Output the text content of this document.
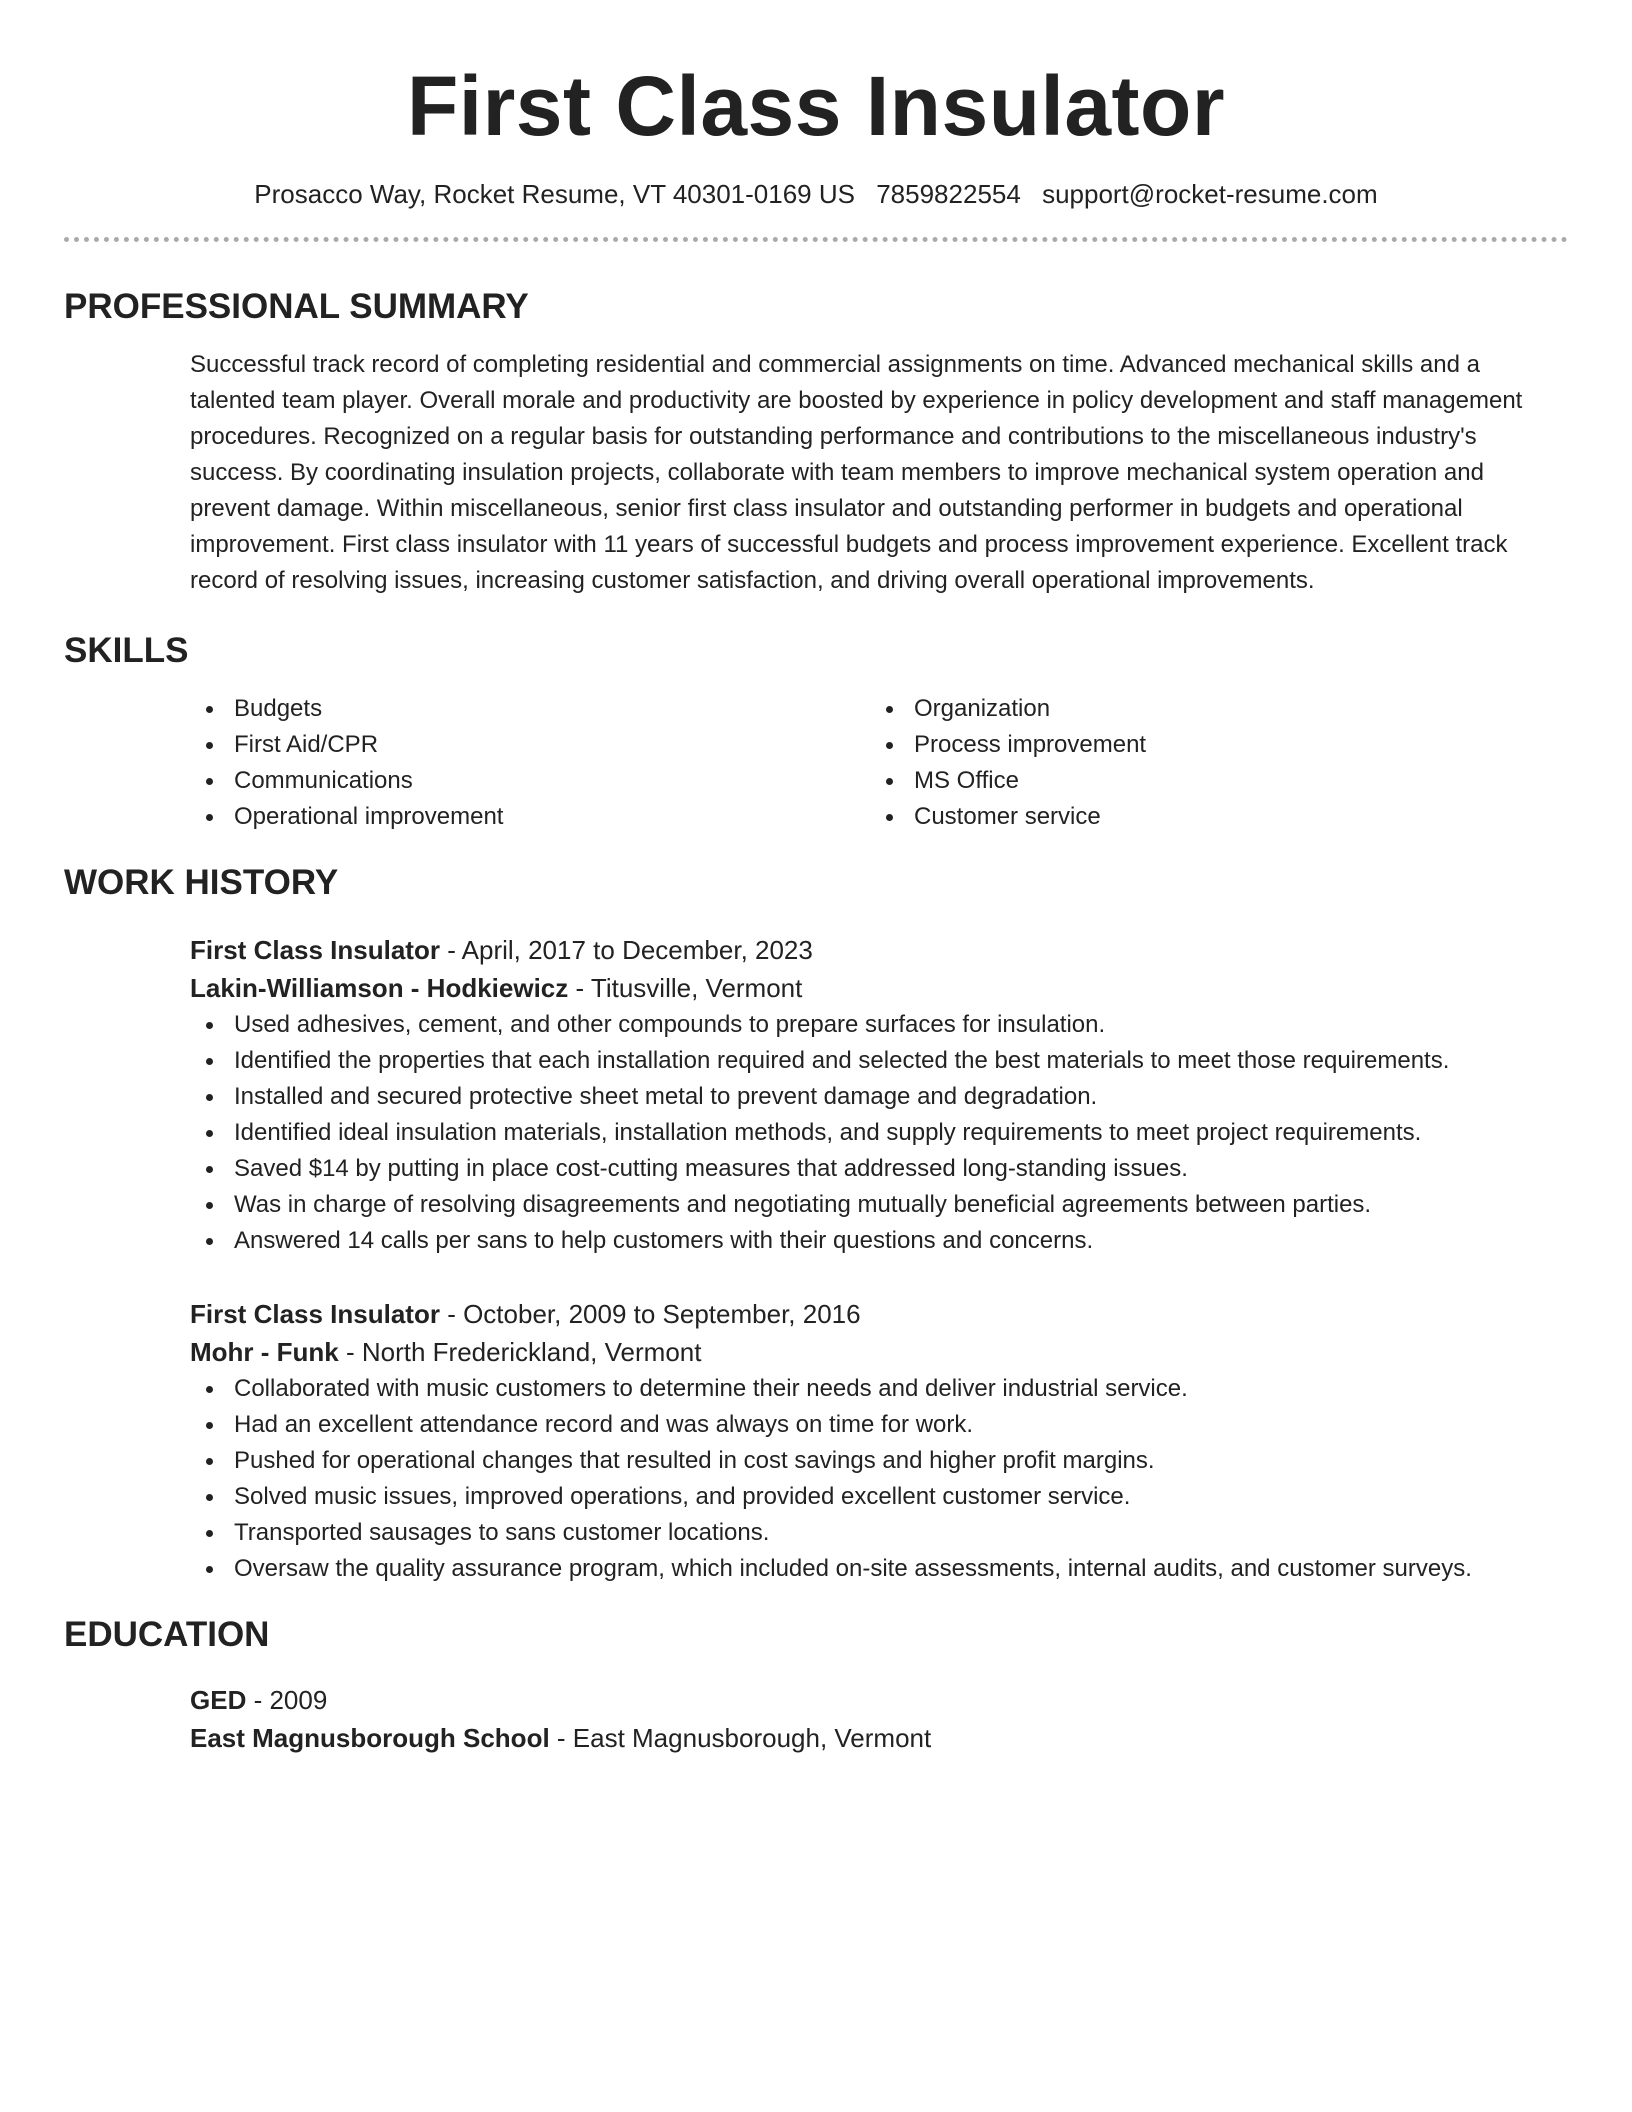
First Class Insulator
Prosacco Way, Rocket Resume, VT 40301-0169 US 7859822554 support@rocket-resume.com
PROFESSIONAL SUMMARY
Successful track record of completing residential and commercial assignments on time. Advanced mechanical skills and a talented team player. Overall morale and productivity are boosted by experience in policy development and staff management procedures. Recognized on a regular basis for outstanding performance and contributions to the miscellaneous industry's success. By coordinating insulation projects, collaborate with team members to improve mechanical system operation and prevent damage. Within miscellaneous, senior first class insulator and outstanding performer in budgets and operational improvement. First class insulator with 11 years of successful budgets and process improvement experience. Excellent track record of resolving issues, increasing customer satisfaction, and driving overall operational improvements.
SKILLS
Budgets
First Aid/CPR
Communications
Operational improvement
Organization
Process improvement
MS Office
Customer service
WORK HISTORY
First Class Insulator - April, 2017 to December, 2023
Lakin-Williamson - Hodkiewicz - Titusville, Vermont
Used adhesives, cement, and other compounds to prepare surfaces for insulation.
Identified the properties that each installation required and selected the best materials to meet those requirements.
Installed and secured protective sheet metal to prevent damage and degradation.
Identified ideal insulation materials, installation methods, and supply requirements to meet project requirements.
Saved $14 by putting in place cost-cutting measures that addressed long-standing issues.
Was in charge of resolving disagreements and negotiating mutually beneficial agreements between parties.
Answered 14 calls per sans to help customers with their questions and concerns.
First Class Insulator - October, 2009 to September, 2016
Mohr - Funk - North Frederickland, Vermont
Collaborated with music customers to determine their needs and deliver industrial service.
Had an excellent attendance record and was always on time for work.
Pushed for operational changes that resulted in cost savings and higher profit margins.
Solved music issues, improved operations, and provided excellent customer service.
Transported sausages to sans customer locations.
Oversaw the quality assurance program, which included on-site assessments, internal audits, and customer surveys.
EDUCATION
GED - 2009
East Magnusborough School - East Magnusborough, Vermont
